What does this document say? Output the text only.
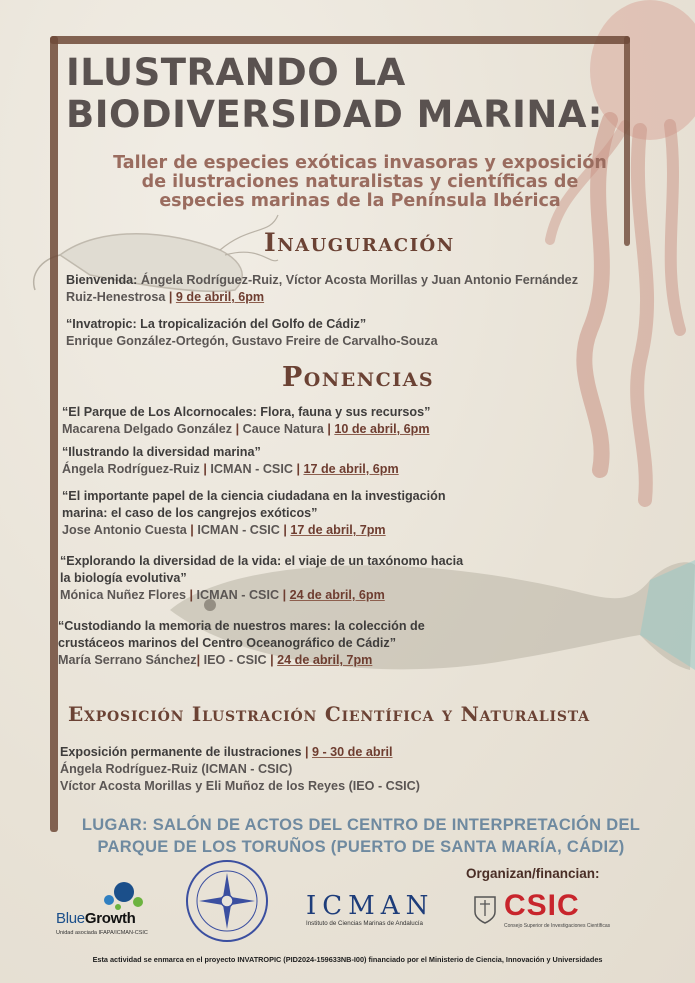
ILUSTRANDO LA
BIODIVERSIDAD MARINA:

Taller de especies exóticas invasoras y exposición
de ilustraciones naturalistas y científicas de
especies marinas de la Península Ibérica

Inauguración
Bienvenida: Ángela Rodríguez-Ruiz, Víctor Acosta Morillas y Juan Antonio Fernández
Ruiz-Henestrosa | 9 de abril, 6pm
“Invatropic: La tropicalización del Golfo de Cádiz”
Enrique González-Ortegón, Gustavo Freire de Carvalho-Souza
Ponencias
“El Parque de Los Alcornocales: Flora, fauna y sus recursos”
Macarena Delgado González | Cauce Natura | 10 de abril, 6pm
“Ilustrando la diversidad marina”
Ángela Rodríguez-Ruiz | ICMAN - CSIC | 17 de abril, 6pm
“El importante papel de la ciencia ciudadana en la investigación
marina: el caso de los cangrejos exóticos”
Jose Antonio Cuesta | ICMAN - CSIC | 17 de abril, 7pm
“Explorando la diversidad de la vida: el viaje de un taxónomo hacia
la biología evolutiva”
Mónica Nuñez Flores | ICMAN - CSIC | 24 de abril, 6pm
“Custodiando la memoria de nuestros mares: la colección de
crustáceos marinos del Centro Oceanográfico de Cádiz”
María Serrano Sánchez| IEO - CSIC | 24 de abril, 7pm
Exposición Ilustración Científica y Naturalista
Exposición permanente de ilustraciones | 9 - 30 de abril
Ángela Rodríguez-Ruiz (ICMAN - CSIC)
Víctor Acosta Morillas y Eli Muñoz de los Reyes (IEO - CSIC)
LUGAR: SALÓN DE ACTOS DEL CENTRO DE INTERPRETACIÓN DEL
PARQUE DE LOS TORUÑOS (PUERTO DE SANTA MARÍA, CÁDIZ)
Organizan/financian:
BlueGrowth
Unidad asociada IFAPA/ICMAN-CSIC
ICMAN
Instituto de Ciencias Marinas de Andalucía
CSIC
Consejo Superior de Investigaciones Científicas
Esta actividad se enmarca en el proyecto INVATROPIC (PID2024-159633NB-I00) financiado por el Ministerio de Ciencia, Innovación y Universidades
